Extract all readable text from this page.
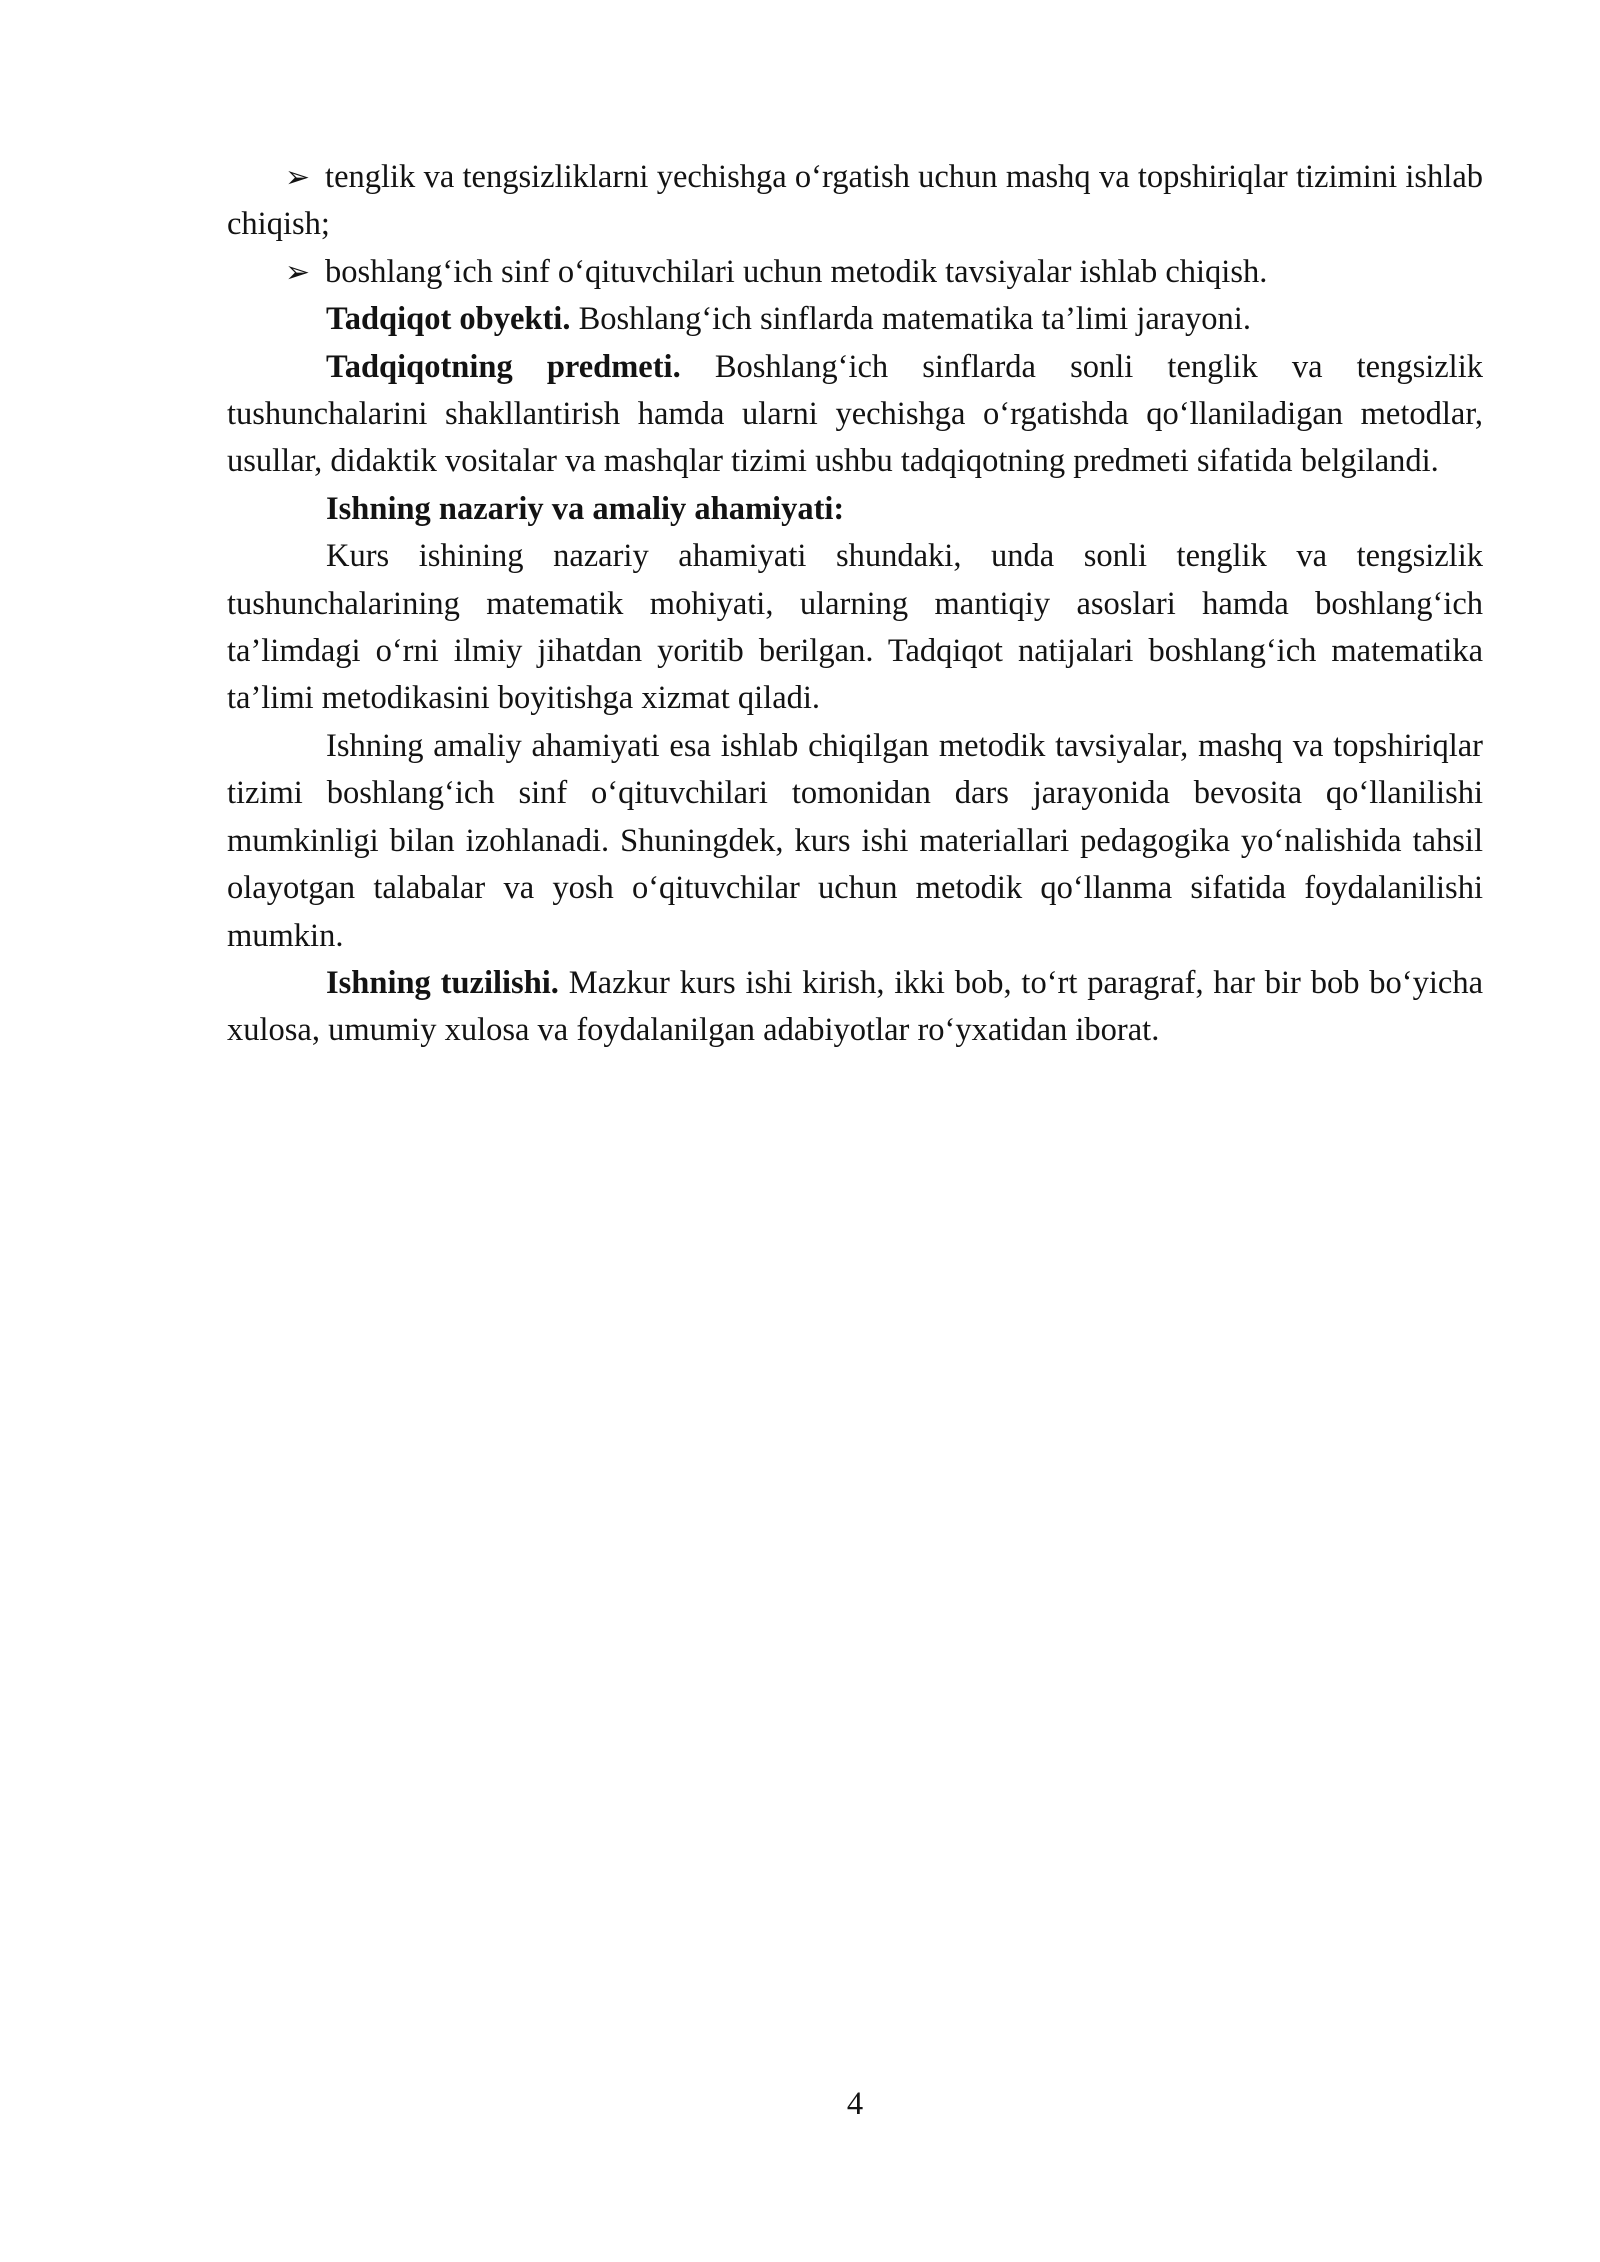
➢ tenglik va tengsizliklarni yechishga o‘rgatish uchun mashq va topshiriqlar tizimini ishlab chiqish;

➢ boshlang‘ich sinf o‘qituvchilari uchun metodik tavsiyalar ishlab chiqish.

Tadqiqot obyekti. Boshlang‘ich sinflarda matematika ta’limi jarayoni.

Tadqiqotning predmeti. Boshlang‘ich sinflarda sonli tenglik va tengsizlik tushunchalarini shakllantirish hamda ularni yechishga o‘rgatishda qo‘llaniladigan metodlar, usullar, didaktik vositalar va mashqlar tizimi ushbu tadqiqotning predmeti sifatida belgilandi.

Ishning nazariy va amaliy ahamiyati:

Kurs ishining nazariy ahamiyati shundaki, unda sonli tenglik va tengsizlik tushunchalarining matematik mohiyati, ularning mantiqiy asoslari hamda boshlang‘ich ta’limdagi o‘rni ilmiy jihatdan yoritib berilgan. Tadqiqot natijalari boshlang‘ich matematika ta’limi metodikasini boyitishga xizmat qiladi.

Ishning amaliy ahamiyati esa ishlab chiqilgan metodik tavsiyalar, mashq va topshiriqlar tizimi boshlang‘ich sinf o‘qituvchilari tomonidan dars jarayonida bevosita qo‘llanilishi mumkinligi bilan izohlanadi. Shuningdek, kurs ishi materiallari pedagogika yo‘nalishida tahsil olayotgan talabalar va yosh o‘qituvchilar uchun metodik qo‘llanma sifatida foydalanilishi mumkin.

Ishning tuzilishi. Mazkur kurs ishi kirish, ikki bob, to‘rt paragraf, har bir bob bo‘yicha xulosa, umumiy xulosa va foydalanilgan adabiyotlar ro‘yxatidan iborat.

4
